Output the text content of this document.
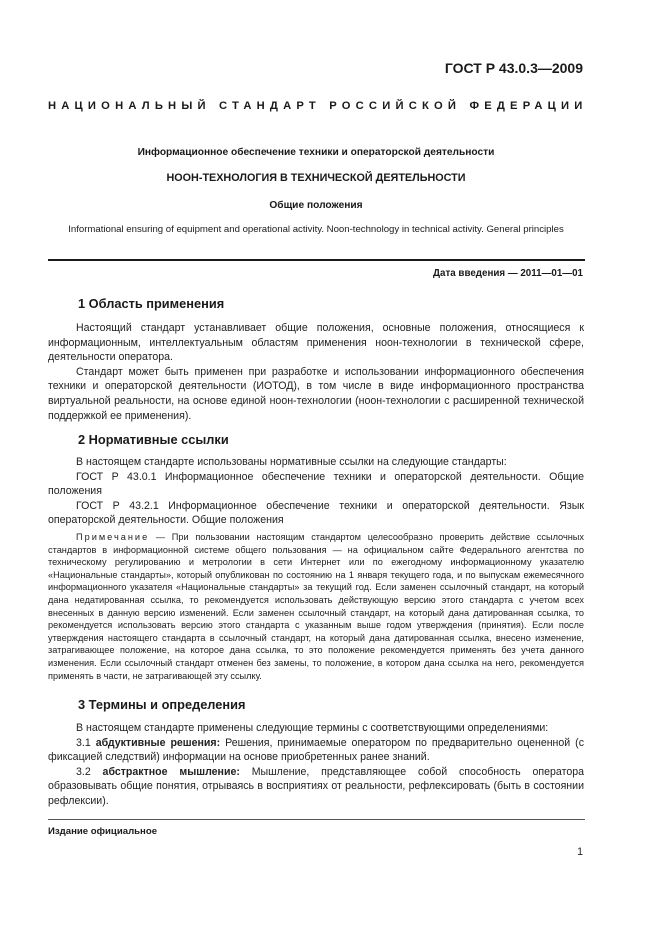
ГОСТ Р 43.0.3—2009
НАЦИОНАЛЬНЫЙ СТАНДАРТ РОССИЙСКОЙ ФЕДЕРАЦИИ
Информационное обеспечение техники и операторской деятельности
НООН-ТЕХНОЛОГИЯ В ТЕХНИЧЕСКОЙ ДЕЯТЕЛЬНОСТИ
Общие положения
Informational ensuring of equipment and operational activity. Noon-technology in technical activity. General principles
Дата введения — 2011—01—01
1 Область применения

Настоящий стандарт устанавливает общие положения, основные положения, относящиеся к информационным, интеллектуальным областям применения ноон-технологии в технической сфере, деятельности оператора.

Стандарт может быть применен при разработке и использовании информационного обеспечения техники и операторской деятельности (ИОТОД), в том числе в виде информационного пространства виртуальной реальности, на основе единой ноон-технологии (ноон-технологии с расширенной технической поддержкой ее применения).

2 Нормативные ссылки

В настоящем стандарте использованы нормативные ссылки на следующие стандарты:

ГОСТ Р 43.0.1 Информационное обеспечение техники и операторской деятельности. Общие положения

ГОСТ Р 43.2.1 Информационное обеспечение техники и операторской деятельности. Язык операторской деятельности. Общие положения

Примечание — При пользовании настоящим стандартом целесообразно проверить действие ссылочных стандартов в информационной системе общего пользования — на официальном сайте Федерального агентства по техническому регулированию и метрологии в сети Интернет или по ежегодному информационному указателю «Национальные стандарты», который опубликован по состоянию на 1 января текущего года, и по выпускам ежемесячного информационного указателя «Национальные стандарты» за текущий год. Если заменен ссылочный стандарт, на который дана недатированная ссылка, то рекомендуется использовать действующую версию этого стандарта с учетом всех внесенных в данную версию изменений. Если заменен ссылочный стандарт, на который дана датированная ссылка, то рекомендуется использовать версию этого стандарта с указанным выше годом утверждения (принятия). Если после утверждения настоящего стандарта в ссылочный стандарт, на который дана датированная ссылка, внесено изменение, затрагивающее положение, на которое дана ссылка, то это положение рекомендуется применять без учета данного изменения. Если ссылочный стандарт отменен без замены, то положение, в котором дана ссылка на него, рекомендуется применять в части, не затрагивающей эту ссылку.

3 Термины и определения

В настоящем стандарте применены следующие термины с соответствующими определениями:

3.1 абдуктивные решения: Решения, принимаемые оператором по предварительно оцененной (с фиксацией следствий) информации на основе приобретенных ранее знаний.

3.2 абстрактное мышление: Мышление, представляющее собой способность оператора образовывать общие понятия, отрываясь в восприятиях от реальности, рефлексировать (быть в состоянии рефлексии).

Издание официальное
1
